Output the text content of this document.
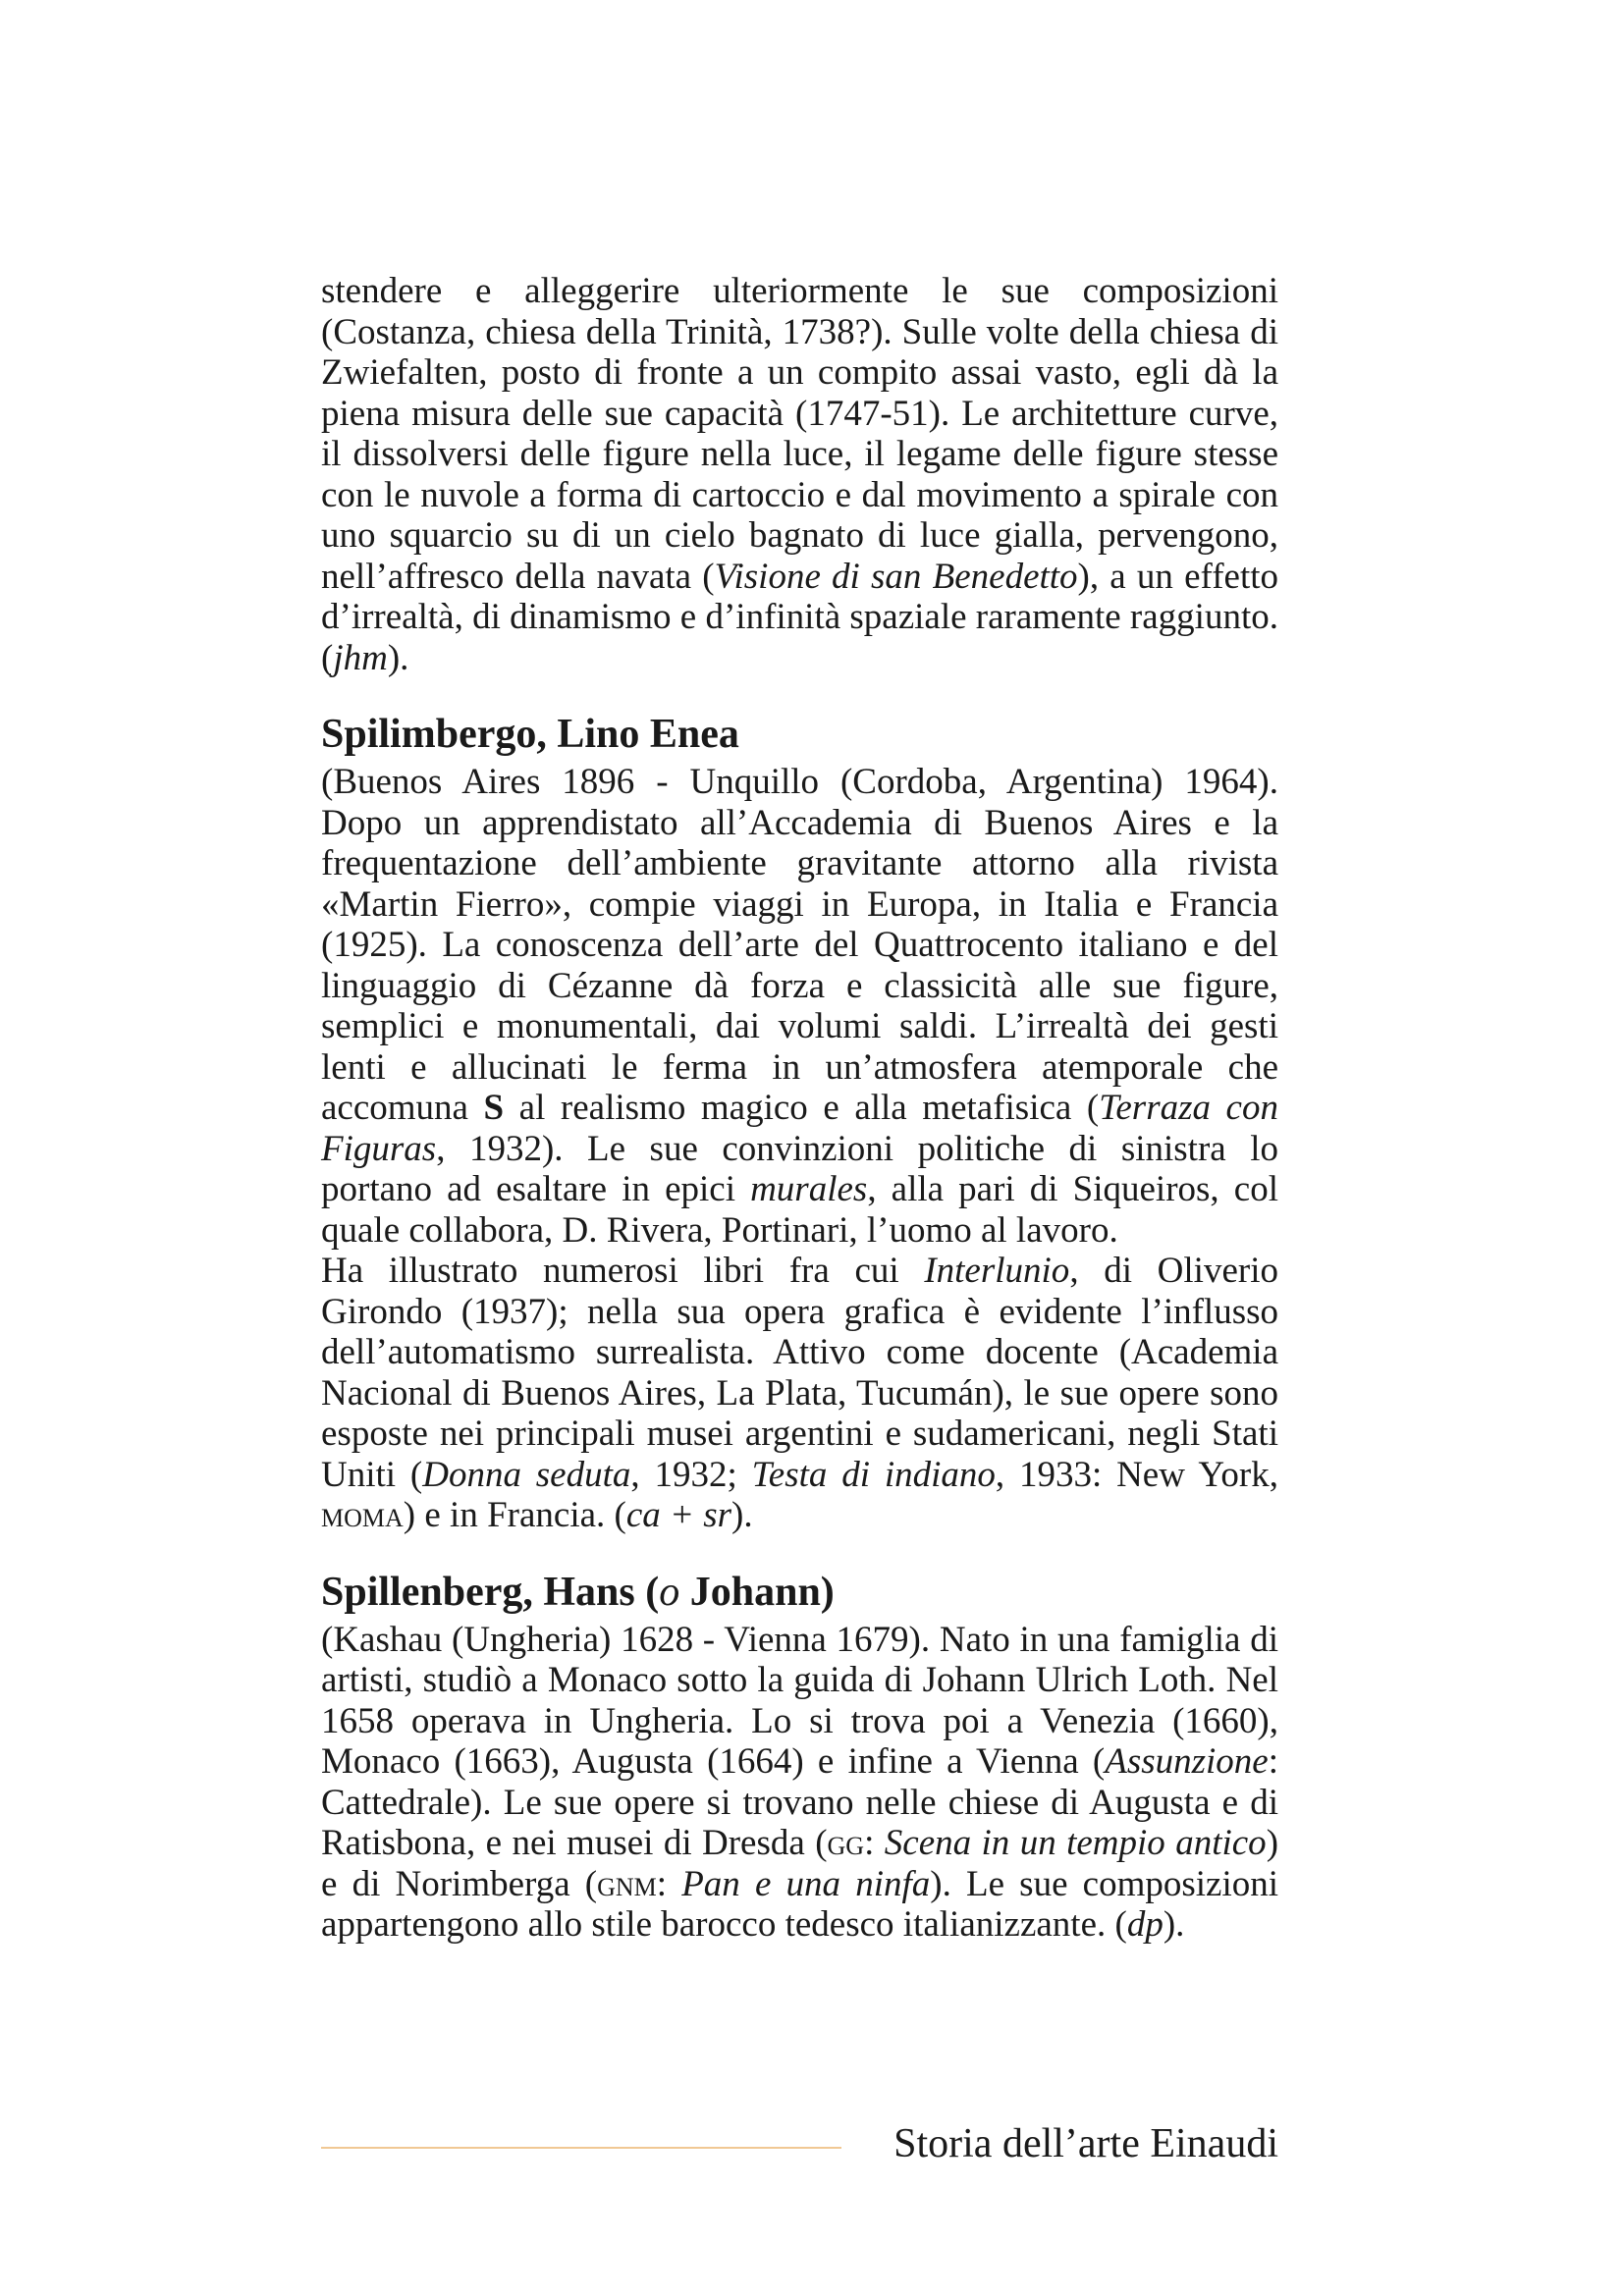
stendere e alleggerire ulteriormente le sue composizioni (Costanza, chiesa della Trinità, 1738?). Sulle volte della chiesa di Zwiefalten, posto di fronte a un compito assai vasto, egli dà la piena misura delle sue capacità (1747-51). Le architetture curve, il dissolversi delle figure nella luce, il legame delle figure stesse con le nuvole a forma di cartoccio e dal movimento a spirale con uno squarcio su di un cielo bagnato di luce gialla, pervengono, nell’affresco della navata (Visione di san Benedetto), a un effetto d’irrealtà, di dinamismo e d’infinità spaziale raramente raggiunto. (jhm).

Spilimbergo, Lino Enea

(Buenos Aires 1896 - Unquillo (Cordoba, Argentina) 1964). Dopo un apprendistato all’Accademia di Buenos Aires e la frequentazione dell’ambiente gravitante attorno alla rivista «Martin Fierro», compie viaggi in Europa, in Italia e Francia (1925). La conoscenza dell’arte del Quattrocento italiano e del linguaggio di Cézanne dà forza e classicità alle sue figure, semplici e monumentali, dai volumi saldi. L’irrealtà dei gesti lenti e allucinati le ferma in un’atmosfera atemporale che accomuna S al realismo magico e alla metafisica (Terraza con Figuras, 1932). Le sue convinzioni politiche di sinistra lo portano ad esaltare in epici murales, alla pari di Siqueiros, col quale collabora, D. Rivera, Portinari, l’uomo al lavoro.

Ha illustrato numerosi libri fra cui Interlunio, di Oliverio Girondo (1937); nella sua opera grafica è evidente l’influsso dell’automatismo surrealista. Attivo come docente (Academia Nacional di Buenos Aires, La Plata, Tucumán), le sue opere sono esposte nei principali musei argentini e sudamericani, negli Stati Uniti (Donna seduta, 1932; Testa di indiano, 1933: New York, moma) e in Francia. (ca + sr).

Spillenberg, Hans (o Johann)

(Kashau (Ungheria) 1628 - Vienna 1679). Nato in una famiglia di artisti, studiò a Monaco sotto la guida di Johann Ulrich Loth. Nel 1658 operava in Ungheria. Lo si trova poi a Venezia (1660), Monaco (1663), Augusta (1664) e infine a Vienna (Assunzione: Cattedrale). Le sue opere si trovano nelle chiese di Augusta e di Ratisbona, e nei musei di Dresda (gg: Scena in un tempio antico) e di Norimberga (gnm: Pan e una ninfa). Le sue composizioni appartengono allo stile barocco tedesco italianizzante. (dp).

Storia dell’arte Einaudi
